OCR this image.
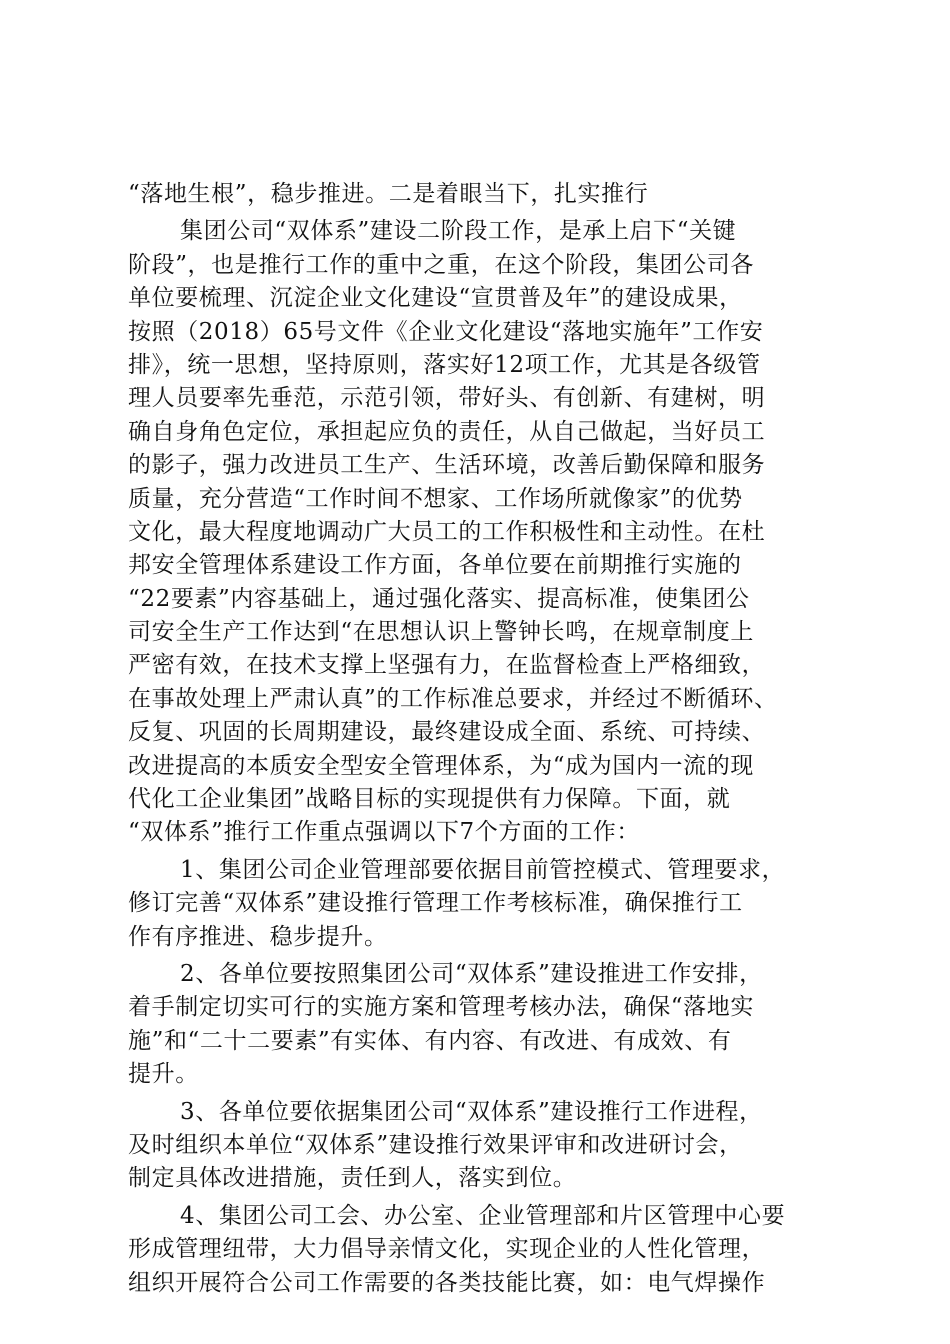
“落地生根”，稳步推进。二是着眼当下，扎实推行
集团公司“双体系”建设二阶段工作，是承上启下“关键
阶段”，也是推行工作的重中之重，在这个阶段，集团公司各
单位要梳理、沉淀企业文化建设“宣贯普及年”的建设成果，
按照（2018）65号文件《企业文化建设“落地实施年”工作安
排》，统一思想，坚持原则，落实好12项工作，尤其是各级管
理人员要率先垂范，示范引领，带好头、有创新、有建树，明
确自身角色定位，承担起应负的责任，从自己做起，当好员工
的影子，强力改进员工生产、生活环境，改善后勤保障和服务
质量，充分营造“工作时间不想家、工作场所就像家”的优势
文化，最大程度地调动广大员工的工作积极性和主动性。在杜
邦安全管理体系建设工作方面，各单位要在前期推行实施的
“22要素”内容基础上，通过强化落实、提高标准，使集团公
司安全生产工作达到“在思想认识上警钟长鸣，在规章制度上
严密有效，在技术支撑上坚强有力，在监督检查上严格细致，
在事故处理上严肃认真”的工作标准总要求，并经过不断循环、
反复、巩固的长周期建设，最终建设成全面、系统、可持续、
改进提高的本质安全型安全管理体系，为“成为国内一流的现
代化工企业集团”战略目标的实现提供有力保障。下面，就
“双体系”推行工作重点强调以下7个方面的工作：
1、集团公司企业管理部要依据目前管控模式、管理要求，
修订完善“双体系”建设推行管理工作考核标准，确保推行工
作有序推进、稳步提升。
2、各单位要按照集团公司“双体系”建设推进工作安排，
着手制定切实可行的实施方案和管理考核办法，确保“落地实
施”和“二十二要素”有实体、有内容、有改进、有成效、有
提升。
3、各单位要依据集团公司“双体系”建设推行工作进程，
及时组织本单位“双体系”建设推行效果评审和改进研讨会，
制定具体改进措施，责任到人，落实到位。
4、集团公司工会、办公室、企业管理部和片区管理中心要
形成管理纽带，大力倡导亲情文化，实现企业的人性化管理，
组织开展符合公司工作需要的各类技能比赛，如：电气焊操作
